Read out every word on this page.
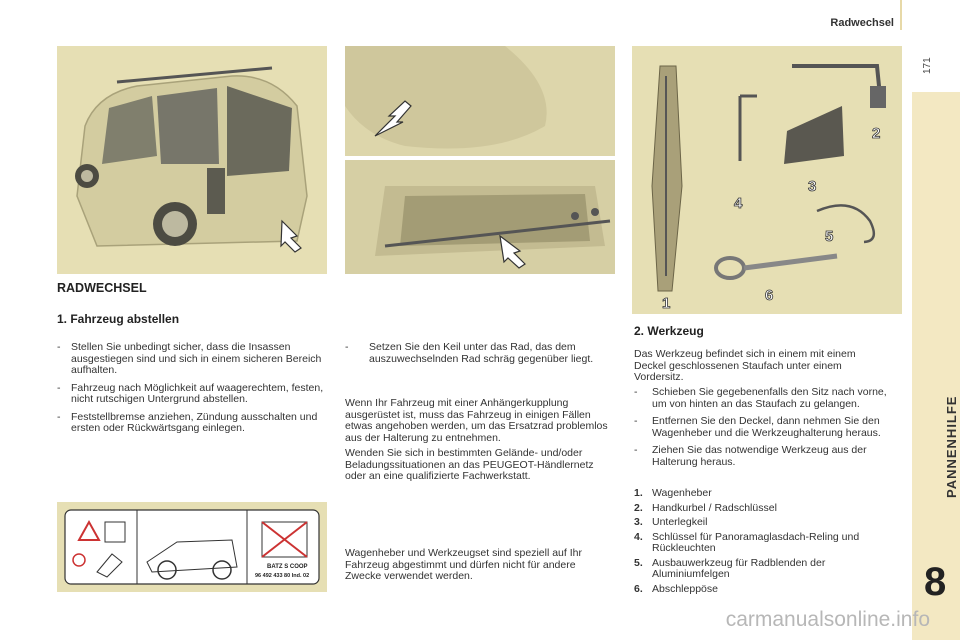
Radwechsel
171
PANNENHILFE
8
1
2
3
4
5
6
RADWECHSEL
1. Fahrzeug abstellen
- Stellen Sie unbedingt sicher, dass die Insassen ausgestiegen sind und sich in einem sicheren Bereich aufhalten.
- Fahrzeug nach Möglichkeit auf waagerechtem, festen, nicht rutschigen Untergrund abstellen.
- Feststellbremse anziehen, Zündung ausschalten und ersten oder Rückwärtsgang einlegen.
BATZ S COOP
96 492 433 80 Ind. 02
- Setzen Sie den Keil unter das Rad, das dem auszuwechselnden Rad schräg gegenüber liegt.
Wenn Ihr Fahrzeug mit einer Anhängerkupplung ausgerüstet ist, muss das Fahrzeug in einigen Fällen etwas angehoben werden, um das Ersatzrad problemlos aus der Halterung zu entnehmen.
Wenden Sie sich in bestimmten Gelände- und/oder Beladungssituationen an das PEUGEOT-Händlernetz oder an eine qualifizierte Fachwerkstatt.
Wagenheber und Werkzeugset sind speziell auf Ihr Fahrzeug abgestimmt und dürfen nicht für andere Zwecke verwendet werden.
2. Werkzeug
Das Werkzeug befindet sich in einem mit einem Deckel geschlossenen Staufach unter einem Vordersitz.
- Schieben Sie gegebenenfalls den Sitz nach vorne, um von hinten an das Staufach zu gelangen.
- Entfernen Sie den Deckel, dann nehmen Sie den Wagenheber und die Werkzeughalterung heraus.
- Ziehen Sie das notwendige Werkzeug aus der Halterung heraus.
1. Wagenheber
2. Handkurbel / Radschlüssel
3. Unterlegkeil
4. Schlüssel für Panoramaglasdach-Reling und Rückleuchten
5. Ausbauwerkzeug für Radblenden der Aluminiumfelgen
6. Abschleppöse
carmanualsonline.info
